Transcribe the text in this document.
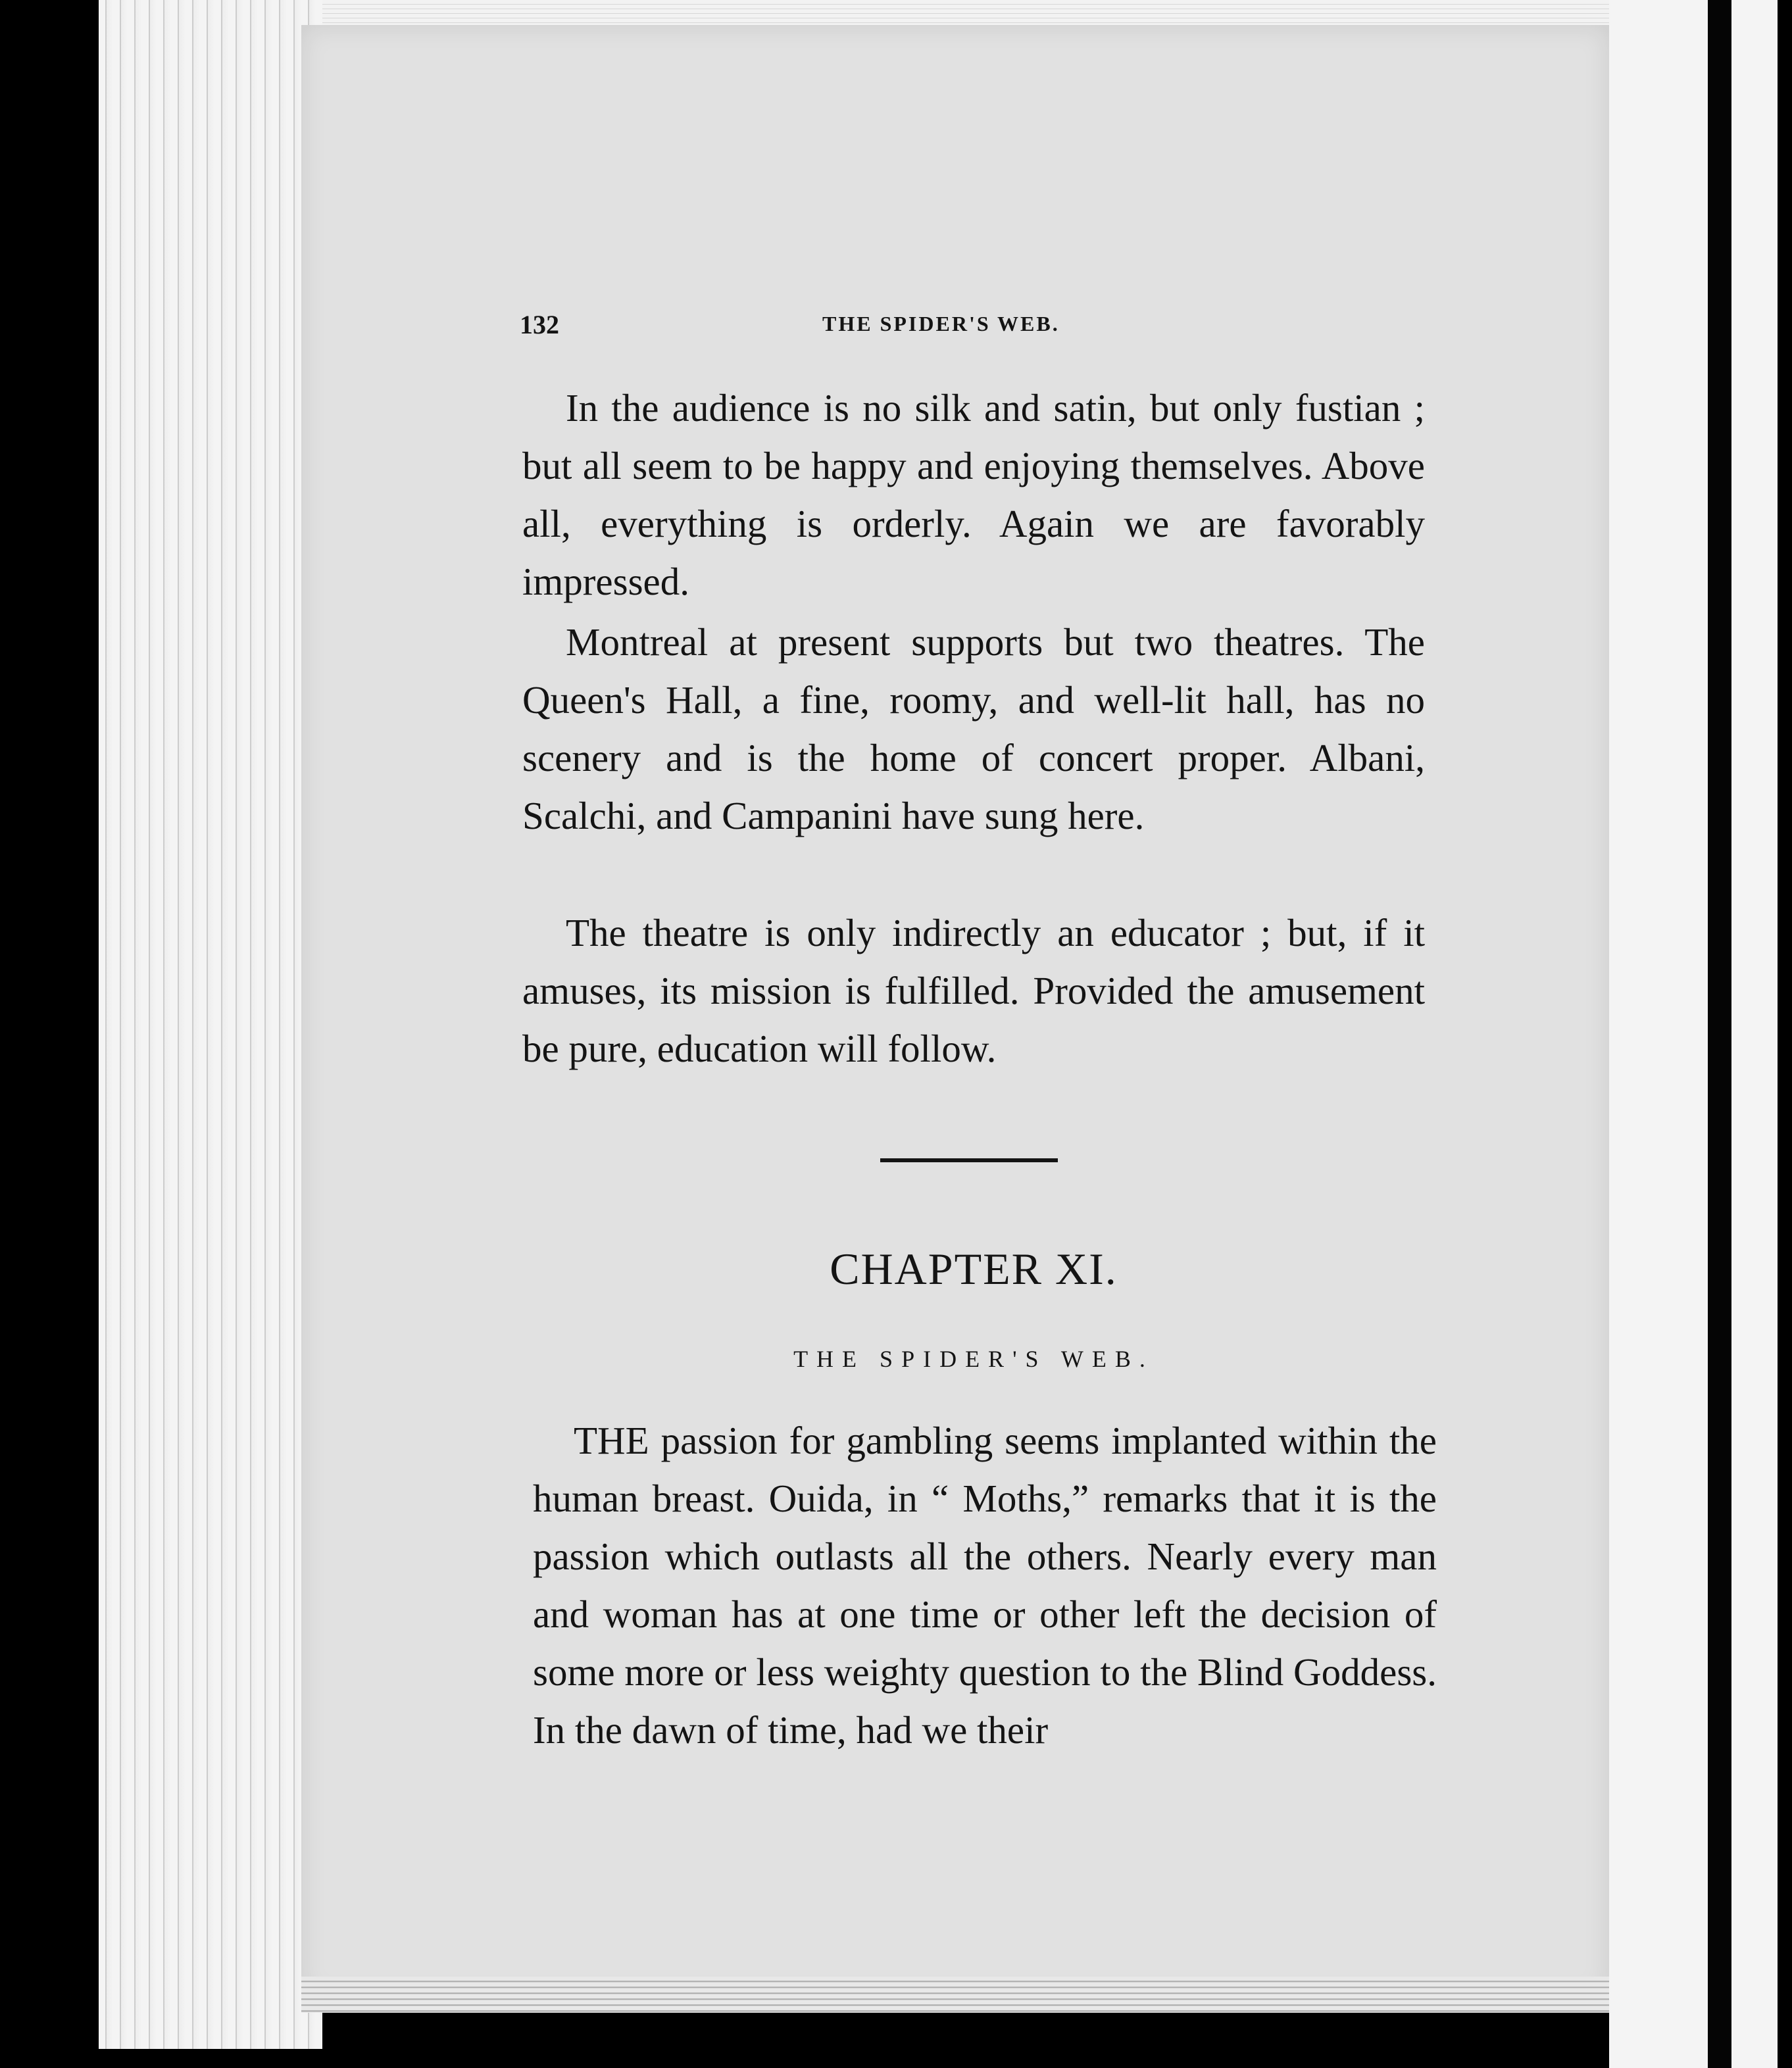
132	THE SPIDER'S WEB.

In the audience is no silk and satin, but only fustian ; but all seem to be happy and enjoying themselves. Above all, everything is orderly. Again we are favorably impressed.

Montreal at present supports but two theatres. The Queen's Hall, a fine, roomy, and well-lit hall, has no scenery and is the home of concert proper. Albani, Scalchi, and Campanini have sung here.

The theatre is only indirectly an educator ; but, if it amuses, its mission is fulfilled. Provided the amusement be pure, education will follow.

CHAPTER XI.
THE SPIDER'S WEB.

THE passion for gambling seems implanted within the human breast. Ouida, in “ Moths,” remarks that it is the passion which outlasts all the others. Nearly every man and woman has at one time or other left the decision of some more or less weighty question to the Blind Goddess. In the dawn of time, had we their
